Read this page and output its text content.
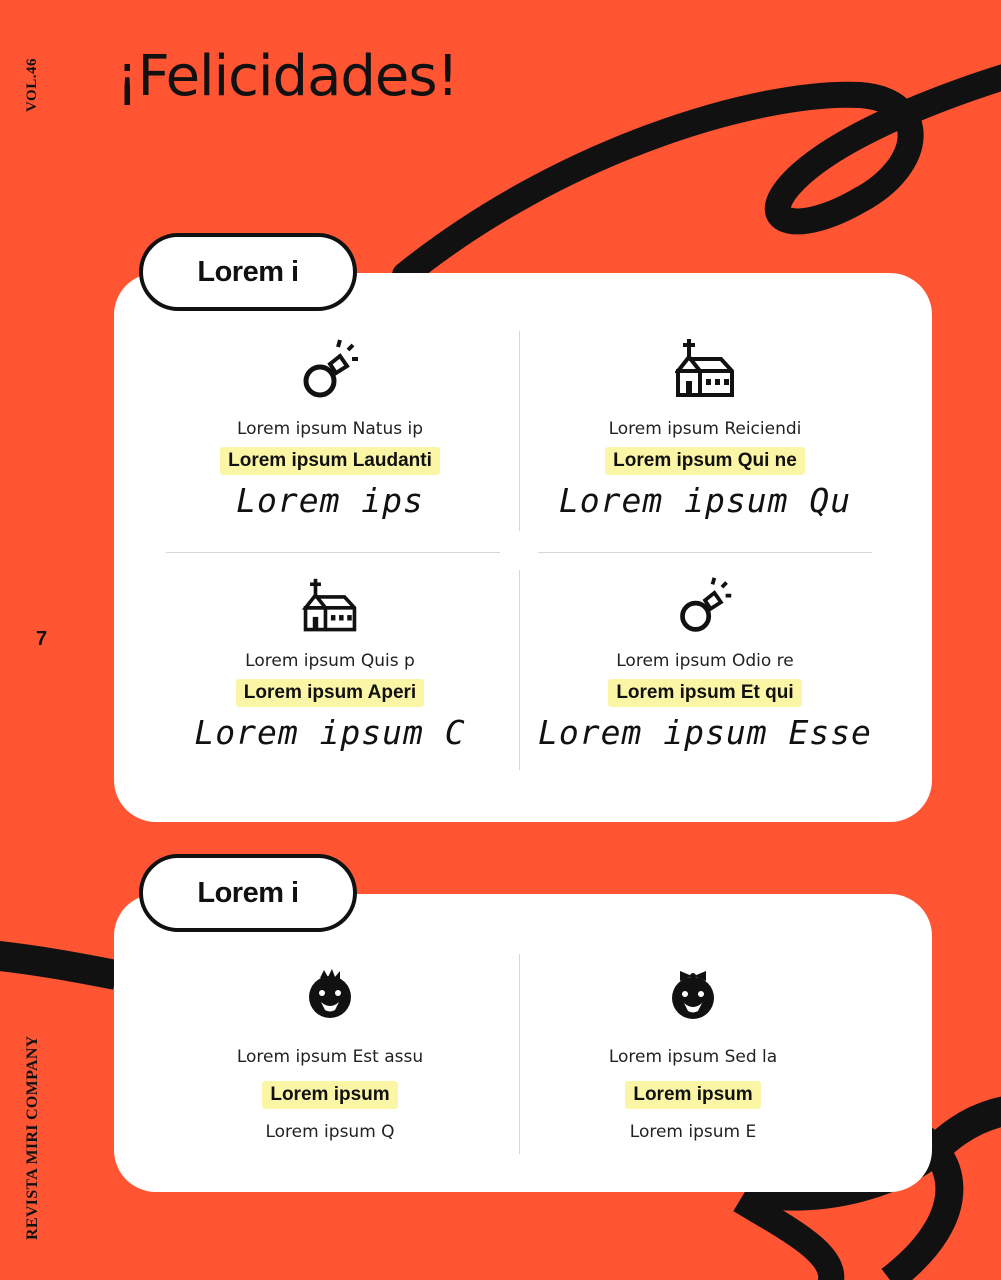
VOL.46	¡Felicidades!
7
REVISTA MIRI COMPANY
Lorem ipsum Natus ip
Lorem ipsum Laudanti
Lorem ips
Lorem ipsum Reiciendi
Lorem ipsum Qui ne
Lorem ipsum Qu
Lorem ipsum Quis p
Lorem ipsum Aperi
Lorem ipsum C
Lorem ipsum Odio re
Lorem ipsum Et qui
Lorem ipsum Esse
Lorem i
Lorem ipsum Est assu
Lorem ipsum
Lorem ipsum Q
Lorem ipsum Sed la
Lorem ipsum
Lorem ipsum E
Lorem i
